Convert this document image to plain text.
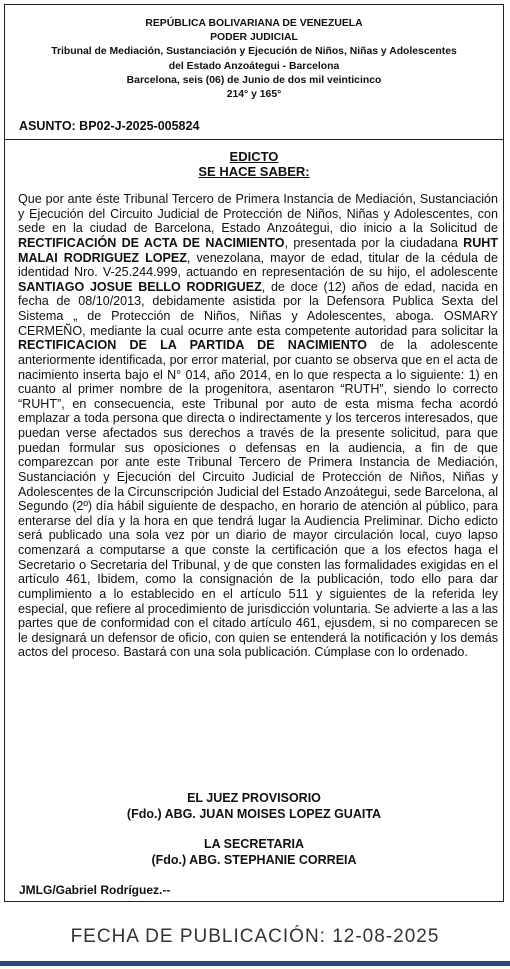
REPÚBLICA BOLIVARIANA DE VENEZUELA
PODER JUDICIAL
Tribunal de Mediación, Sustanciación y Ejecución de Niños, Niñas y Adolescentes
del Estado Anzoátegui - Barcelona
Barcelona, seis (06) de Junio de dos mil veinticinco
214° y 165°
ASUNTO: BP02-J-2025-005824
EDICTO
SE HACE SABER:
Que por ante éste Tribunal Tercero de Primera Instancia de Mediación, Sustanciación y Ejecución del Circuito Judicial de Protección de Niños, Niñas y Adolescentes, con sede en la ciudad de Barcelona, Estado Anzoátegui, dio inicio a la Solicitud de RECTIFICACIÓN DE ACTA DE NACIMIENTO, presentada por la ciudadana RUHT MALAI RODRIGUEZ LOPEZ, venezolana, mayor de edad, titular de la cédula de identidad Nro. V-25.244.999, actuando en representación de su hijo, el adolescente SANTIAGO JOSUE BELLO RODRIGUEZ, de doce (12) años de edad, nacida en fecha de 08/10/2013, debidamente asistida por la Defensora Publica Sexta del Sistema „ de Protección de Niños, Niñas y Adolescentes, aboga. OSMARY CERMEÑO, mediante la cual ocurre ante esta competente autoridad para solicitar la RECTIFICACION DE LA PARTIDA DE NACIMIENTO de la adolescente anteriormente identificada, por error material, por cuanto se observa que en el acta de nacimiento inserta bajo el N° 014, año 2014, en lo que respecta a lo siguiente: 1) en cuanto al primer nombre de la progenitora, asentaron “RUTH”, siendo lo correcto “RUHT”, en consecuencia, este Tribunal por auto de esta misma fecha acordó emplazar a toda persona que directa o indirectamente y los terceros interesados, que puedan verse afectados sus derechos a través de la presente solicitud, para que puedan formular sus oposiciones o defensas en la audiencia, a fin de que comparezcan por ante este Tribunal Tercero de Primera Instancia de Mediación, Sustanciación y Ejecución del Circuito Judicial de Protección de Niños, Niñas y Adolescentes de la Circunscripción Judicial del Estado Anzoátegui, sede Barcelona, al Segundo (2º) día hábil siguiente de despacho, en horario de atención al público, para enterarse del día y la hora en que tendrá lugar la Audiencia Preliminar. Dicho edicto será publicado una sola vez por un diario de mayor circulación local, cuyo lapso comenzará a computarse a que conste la certificación que a los efectos haga el Secretario o Secretaria del Tribunal, y de que consten las formalidades exigidas en el artículo 461, Ibidem, como la consignación de la publicación, todo ello para dar cumplimiento a lo establecido en el artículo 511 y siguientes de la referida ley especial, que refiere al procedimiento de jurisdicción voluntaria. Se advierte a las a las partes que de conformidad con el citado artículo 461, ejusdem, si no comparecen se le designará un defensor de oficio, con quien se entenderá la notificación y los demás actos del proceso. Bastará con una sola publicación. Cúmplase con lo ordenado.
EL JUEZ PROVISORIO
(Fdo.) ABG. JUAN MOISES LOPEZ GUAITA
LA SECRETARIA
(Fdo.) ABG. STEPHANIE CORREIA
JMLG/Gabriel Rodríguez.--
FECHA DE PUBLICACIÓN: 12-08-2025
